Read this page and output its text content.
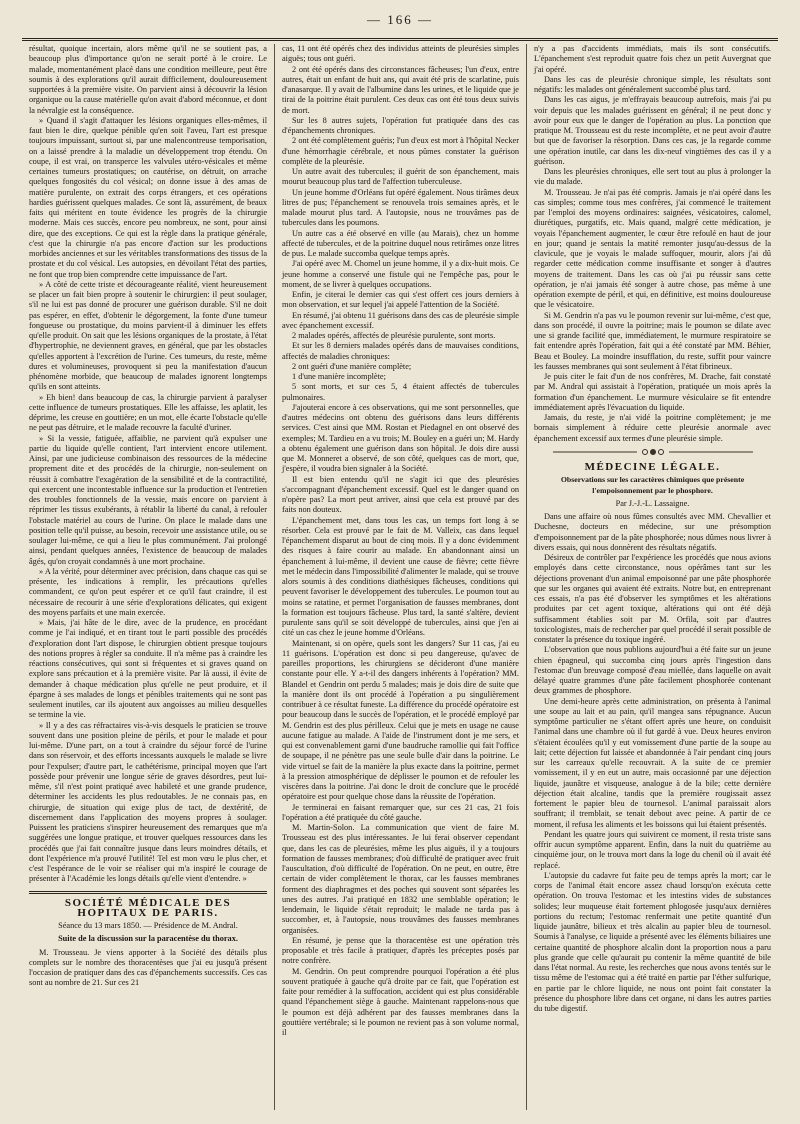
— 166 —

résultat, quoique incertain, alors même qu'il ne se soutient pas, a beaucoup plus d'importance qu'on ne serait porté à le croire. Le malade, momentanément placé dans une condition meilleure, peut être soumis à des explorations qu'il aurait difficilement, douloureusement supportées à la première visite. On parvient ainsi à découvrir la lésion organique ou la cause matérielle qu'on avait d'abord méconnue, et dont la névralgie est la conséquence.

» Quand il s'agit d'attaquer les lésions organiques elles-mêmes, il faut bien le dire, quelque pénible qu'en soit l'aveu, l'art est presque toujours impuissant, surtout si, par une malencontreuse temporisation, on a laissé prendre à la maladie un développement trop étendu. On coupe, il est vrai, on transperce les valvules utéro-vésicales et même certaines tumeurs prostatiques; on cautérise, on détruit, on arrache quelques fongosités du col vésical; on donne issue à des amas de matière purulente, on extrait des corps étrangers, et ces opérations hardies guérissent quelques malades. Ce sont là, assurément, de beaux faits qui méritent en toute évidence les progrès de la chirurgie moderne. Mais ces succès, encore peu nombreux, ne sont, pour ainsi dire, que des exceptions. Ce qui est la règle dans la pratique générale, c'est que la chirurgie n'a pas encore d'action sur les productions morbides anciennes et sur les véritables transformations des tissus de la prostate et du col vésical. Les autopsies, en dévoilant l'état des parties, ne font que trop bien comprendre cette impuissance de l'art.

» A côté de cette triste et décourageante réalité, vient heureusement se placer un fait bien propre à soutenir le chirurgien: il peut soulager, s'il ne lui est pas donné de procurer une guérison durable. S'il ne doit pas espérer, en effet, d'obtenir le dégorgement, la fonte d'une tumeur fongueuse ou prostatique, du moins parvient-il à diminuer les effets qu'elle produit. On sait que les lésions organiques de la prostate, à l'état d'hypertrophie, ne deviennent graves, en général, que par les obstacles qu'elles apportent à l'excrétion de l'urine. Ces tumeurs, du reste, même dures et volumineuses, provoquent si peu la manifestation d'aucun phénomène morbide, que beaucoup de malades ignorent longtemps qu'ils en sont atteints.

» Eh bien! dans beaucoup de cas, la chirurgie parvient à paralyser cette influence de tumeurs prostatiques. Elle les affaisse, les aplatit, les déprime, les creuse en gouttière; en un mot, elle écarte l'obstacle qu'elle ne peut pas détruire, et le malade recouvre la faculté d'uriner.

» Si la vessie, fatiguée, affaiblie, ne parvient qu'à expulser une partie du liquide qu'elle contient, l'art intervient encore utilement. Ainsi, par une judicieuse combinaison des ressources de la médecine proprement dite et des procédés de la chirurgie, non-seulement on réussit à combattre l'exagération de la sensibilité et de la contractilité, qui exercent une incontestable influence sur la production et l'entretien des troubles fonctionnels de la vessie, mais encore on parvient à réprimer les tissus exubérants, à rétablir la liberté du canal, à refouler l'obstacle matériel au cours de l'urine. On place le malade dans une position telle qu'il puisse, au besoin, recevoir une assistance utile, ou se soulager lui-même, ce qui a lieu le plus communément. J'ai prolongé ainsi, pendant quelques années, l'existence de beaucoup de malades âgés, qu'on croyait condamnés à une mort prochaine.

» A la vérité, pour déterminer avec précision, dans chaque cas qui se présente, les indications à remplir, les précautions qu'elles commandent, ce qu'on peut espérer et ce qu'il faut craindre, il est nécessaire de recourir à une série d'explorations délicates, qui exigent des moyens parfaits et une main exercée.

» Mais, j'ai hâte de le dire, avec de la prudence, en procédant comme je l'ai indiqué, et en tirant tout le parti possible des procédés d'exploration dont l'art dispose, le chirurgien obtient presque toujours des notions propres à régler sa conduite. Il n'a même pas à craindre les réactions consécutives, qui sont si fréquentes et si graves quand on explore sans précaution et à la première visite. Par là aussi, il évite de demander à chaque médication plus qu'elle ne peut produire, et il épargne à ses malades de longs et pénibles traitements qui ne sont pas seulement inutiles, car ils ajoutent aux angoisses au milieu desquelles se termine la vie.

» Il y a des cas réfractaires vis-à-vis desquels le praticien se trouve souvent dans une position pleine de périls, et pour le malade et pour lui-même. D'une part, on a tout à craindre du séjour forcé de l'urine dans son réservoir, et des efforts incessants auxquels le malade se livre pour l'expulser; d'autre part, le cathétérisme, principal moyen que l'art possède pour prévenir une longue série de graves désordres, peut lui-même, s'il n'est point pratiqué avec habileté et une grande prudence, déterminer les accidents les plus redoutables. Je ne connais pas, en chirurgie, de situation qui exige plus de tact, de dextérité, de discernement dans l'application des moyens propres à soulager. Puissent les praticiens s'inspirer heureusement des remarques que m'a suggérées une longue pratique, et trouver quelques ressources dans les procédés que j'ai fait connaître jusque dans leurs moindres détails, et dont l'expérience m'a prouvé l'utilité! Tel est mon vœu le plus cher, et c'est l'espérance de le voir se réaliser qui m'a inspiré le courage de présenter à l'Académie les longs détails qu'elle vient d'entendre. »

SOCIÉTÉ MÉDICALE DES HOPITAUX DE PARIS.
Séance du 13 mars 1850. — Présidence de M. Andral.
Suite de la discussion sur la paracentèse du thorax.

M. Trousseau. Je viens apporter à la Société des détails plus complets sur le nombre des thoracentèses que j'ai eu jusqu'à présent l'occasion de pratiquer dans des cas d'épanchements successifs. Ces cas sont au nombre de 21. Sur ces 21

cas, 11 ont été opérés chez des individus atteints de pleurésies simples aiguës; tous ont guéri.

2 ont été opérés dans des circonstances fâcheuses; l'un d'eux, entre autres, était un enfant de huit ans, qui avait été pris de scarlatine, puis d'anasarque. Il y avait de l'albumine dans les urines, et le liquide que je tirai de la poitrine était purulent. Ces deux cas ont été tous deux suivis de mort.

Sur les 8 autres sujets, l'opération fut pratiquée dans des cas d'épanchements chroniques.

2 ont été complètement guéris; l'un d'eux est mort à l'hôpital Necker d'une hémorrhagie cérébrale, et nous pûmes constater la guérison complète de la pleurésie.

Un autre avait des tubercules; il guérit de son épanchement, mais mourut beaucoup plus tard de l'affection tuberculeuse.

Un jeune homme d'Orléans fut opéré également. Nous tirâmes deux litres de pus; l'épanchement se renouvela trois semaines après, et le malade mourut plus tard. A l'autopsie, nous ne trouvâmes pas de tubercules dans les poumons.

Un autre cas a été observé en ville (au Marais), chez un homme affecté de tubercules, et de la poitrine duquel nous retirâmes onze litres de pus. Le malade succomba quelque temps après.

J'ai opéré avec M. Chomel un jeune homme, il y a dix-huit mois. Ce jeune homme a conservé une fistule qui ne l'empêche pas, pour le moment, de se livrer à quelques occupations.

Enfin, je citerai le dernier cas qui s'est offert ces jours derniers à mon observation, et sur lequel j'ai appelé l'attention de la Société.

En résumé, j'ai obtenu 11 guérisons dans des cas de pleurésie simple avec épanchement excessif.

2 malades opérés, affectés de pleurésie purulente, sont morts.

Et sur les 8 derniers malades opérés dans de mauvaises conditions, affectés de maladies chroniques:

2 ont guéri d'une manière complète;

1 d'une manière incomplète;

5 sont morts, et sur ces 5, 4 étaient affectés de tubercules pulmonaires.

J'ajouterai encore à ces observations, qui me sont personnelles, que d'autres médecins ont obtenu des guérisons dans leurs différents services. C'est ainsi que MM. Rostan et Piedagnel en ont observé des exemples; M. Tardieu en a vu trois; M. Bouley en a guéri un; M. Hardy a obtenu également une guérison dans son hôpital. Je dois dire aussi que M. Monneret a observé, de son côté, quelques cas de mort, que, j'espère, il voudra bien signaler à la Société.

Il est bien entendu qu'il ne s'agit ici que des pleurésies s'accompagnant d'épanchement excessif. Quel est le danger quand on n'opère pas? La mort peut arriver, ainsi que cela est prouvé par des faits non douteux.

L'épanchement met, dans tous les cas, un temps fort long à se résorber. Cela est prouvé par le fait de M. Valleix, cas dans lequel l'épanchement disparut au bout de cinq mois. Il y a donc évidemment des risques à faire courir au malade. En abandonnant ainsi un épanchement à lui-même, il devient une cause de fièvre; cette fièvre met le médecin dans l'impossibilité d'alimenter le malade, qui se trouve alors soumis à des conditions diathésiques fâcheuses, conditions qui peuvent favoriser le développement des tubercules. Le poumon tout au moins se ratatine, et permet l'organisation de fausses membranes, dont la formation est toujours fâcheuse. Plus tard, la santé s'altère, devient purulente sans qu'il se soit développé de tubercules, ainsi que j'en ai cité un cas chez le jeune homme d'Orléans.

Maintenant, si on opère, quels sont les dangers? Sur 11 cas, j'ai eu 11 guérisons. L'opération est donc si peu dangereuse, qu'avec de pareilles proportions, les chirurgiens se décideront d'une manière constante pour elle. Y a-t-il des dangers inhérents à l'opération? MM. Blandel et Gendrin ont perdu 5 malades; mais je dois dire de suite que la manière dont ils ont procédé à l'opération a pu singulièrement contribuer à ce résultat funeste. La différence du procédé opératoire est pour beaucoup dans le succès de l'opération, et le procédé employé par M. Gendrin est des plus périlleux. Celui que je mets en usage ne cause aucune fatigue au malade. A l'aide de l'instrument dont je me sers, et qui est convenablement garni d'une baudruche ramollie qui fait l'office de soupape, il ne pénètre pas une seule bulle d'air dans la poitrine. Le vide virtuel se fait de la manière la plus exacte dans la poitrine, permet à la pression atmosphérique de déplisser le poumon et de refouler les viscères dans la poitrine. J'ai donc le droit de conclure que le procédé opératoire est pour quelque chose dans la réussite de l'opération.

Je terminerai en faisant remarquer que, sur ces 21 cas, 21 fois l'opération a été pratiquée du côté gauche.

M. Martin-Solon. La communication que vient de faire M. Trousseau est des plus intéressantes. Je lui ferai observer cependant que, dans les cas de pleurésies, même les plus aiguës, il y a toujours formation de fausses membranes; d'où difficulté de pratiquer avec fruit l'auscultation, d'où difficulté de l'opération. On ne peut, en outre, être certain de vider complètement le thorax, car les fausses membranes forment des diaphragmes et des poches qui souvent sont séparées les unes des autres. J'ai pratiqué en 1832 une semblable opération; le lendemain, le liquide s'était reproduit; le malade ne tarda pas à succomber, et, à l'autopsie, nous trouvâmes des fausses membranes organisées.

En résumé, je pense que la thoracentèse est une opération très proposable et très facile à pratiquer, d'après les préceptes posés par notre confrère.

M. Gendrin. On peut comprendre pourquoi l'opération a été plus souvent pratiquée à gauche qu'à droite par ce fait, que l'opération est faite pour remédier à la suffocation, accident qui est plus considérable quand l'épanchement siège à gauche. Maintenant rappelons-nous que le poumon est déjà adhérent par des fausses membranes dans la gouttière vertébrale; si le poumon ne revient pas à son volume normal, il

n'y a pas d'accidents immédiats, mais ils sont consécutifs. L'épanchement s'est reproduit quatre fois chez un petit Auvergnat que j'ai opéré.

Dans les cas de pleurésie chronique simple, les résultats sont négatifs: les malades ont généralement succombé plus tard.

Dans les cas aigus, je m'effrayais beaucoup autrefois, mais j'ai pu voir depuis que les malades guérissent en général; il ne peut donc y avoir pour eux que le danger de l'opération au plus. La ponction que pratique M. Trousseau est du reste incomplète, et ne peut avoir d'autre but que de favoriser la résorption. Dans ces cas, je la regarde comme une opération inutile, car dans les dix-neuf vingtièmes des cas il y a guérison.

Dans les pleurésies chroniques, elle sert tout au plus à prolonger la vie du malade.

M. Trousseau. Je n'ai pas été compris. Jamais je n'ai opéré dans les cas simples; comme tous mes confrères, j'ai commencé le traitement par l'emploi des moyens ordinaires: saignées, vésicatoires, calomel, diurétiques, purgatifs, etc. Mais quand, malgré cette médication, je voyais l'épanchement augmenter, le cœur être refoulé en haut de jour en jour; quand je sentais la matité remonter jusqu'au-dessus de la clavicule, que je voyais le malade suffoquer, mourir, alors j'ai dû regarder cette médication comme insuffisante et songer à d'autres moyens de traitement. Dans les cas où j'ai pu réussir sans cette opération, je n'ai jamais été songer à autre chose, pas même à une opération exempte de péril, et qui, en définitive, est moins douloureuse que le vésicatoire.

Si M. Gendrin n'a pas vu le poumon revenir sur lui-même, c'est que, dans son procédé, il ouvre la poitrine; mais le poumon se dilate avec une si grande facilité que, immédiatement, le murmure respiratoire se fait entendre après l'opération, fait qui a été constaté par MM. Béhier, Beau et Bouley. La moindre insufflation, du reste, suffit pour vaincre les fausses membranes qui sont seulement à l'état fibrineux.

Je puis citer le fait d'un de nos confrères, M. Drache, fait constaté par M. Andral qui assistait à l'opération, pratiquée un mois après la formation d'un épanchement. Le murmure vésiculaire se fit entendre immédiatement après l'évacuation du liquide.

Jamais, du reste, je n'ai vidé la poitrine complètement; je me bornais simplement à réduire cette pleurésie anormale avec épanchement excessif aux termes d'une pleurésie simple.

MÉDECINE LÉGALE.
Observations sur les caractères chimiques que présente l'empoisonnement par le phosphore.
Par J.-J.-L. Lassaigne.

Dans une affaire où nous fûmes consultés avec MM. Chevallier et Duchesne, docteurs en médecine, sur une présomption d'empoisonnement par de la pâte phosphorée; nous dûmes nous livrer à divers essais, qui nous donnèrent des résultats négatifs.

Désireux de contrôler par l'expérience les procédés que nous avions employés dans cette circonstance, nous opérâmes tant sur les déjections provenant d'un animal empoisonné par une pâte phosphorée que sur les organes qui avaient été extraits. Notre but, en entreprenant ces essais, n'a pas été d'observer les symptômes et les altérations produites par cet agent toxique, altérations qui ont été déjà suffisamment établies soit par M. Orfila, soit par d'autres toxicologistes, mais de rechercher par quel procédé il serait possible de constater la présence du toxique ingéré.

L'observation que nous publions aujourd'hui a été faite sur un jeune chien épagneul, qui succomba cinq jours après l'ingestion dans l'estomac d'un breuvage composé d'eau miellée, dans laquelle on avait délayé quatre grammes d'une pâte facilement phosphorée contenant deux grammes de phosphore.

Une demi-heure après cette administration, on présenta à l'animal une soupe au lait et au pain, qu'il mangea sans répugnance. Aucun symptôme particulier ne s'étant offert après une heure, on conduisit l'animal dans une chambre où il fut gardé à vue. Deux heures environ s'étaient écoulées qu'il y eut vomissement d'une partie de la soupe au lait; cette déjection fut laissée et abandonnée à l'air pendant cinq jours sur les carreaux qu'elle recouvrait. A la suite de ce premier vomissement, il y en eut un autre, mais occasionné par une déjection liquide, jaunâtre et visqueuse, analogue à de la bile; cette dernière déjection était alcaline, tandis que la première rougissait assez fortement le papier bleu de tournesol. L'animal paraissait alors souffrant; il tremblait, se tenait debout avec peine. A partir de ce moment, il refusa les aliments et les boissons qui lui étaient présentés.

Pendant les quatre jours qui suivirent ce moment, il resta triste sans offrir aucun symptôme apparent. Enfin, dans la nuit du quatrième au cinquième jour, on le trouva mort dans la loge du chenil où il avait été replacé.

L'autopsie du cadavre fut faite peu de temps après la mort; car le corps de l'animal était encore assez chaud lorsqu'on exécuta cette opération. On trouva l'estomac et les intestins vides de substances solides; leur muqueuse était fortement phlogosée jusqu'aux dernières portions du rectum; l'estomac renfermait une petite quantité d'un liquide jaunâtre, bilieux et très alcalin au papier bleu de tournesol. Soumis à l'analyse, ce liquide a présenté avec les éléments biliaires une certaine quantité de phosphore alcalin dont la proportion nous a paru plus grande que celle qu'aurait pu contenir la même quantité de bile dans l'état normal. Au reste, les recherches que nous avons tentés sur le tissu même de l'estomac qui a été traité en partie par l'éther sulfurique, en partie par le chlore liquide, ne nous ont point fait constater la présence du phosphore libre dans cet organe, ni dans les autres parties du tube digestif.
